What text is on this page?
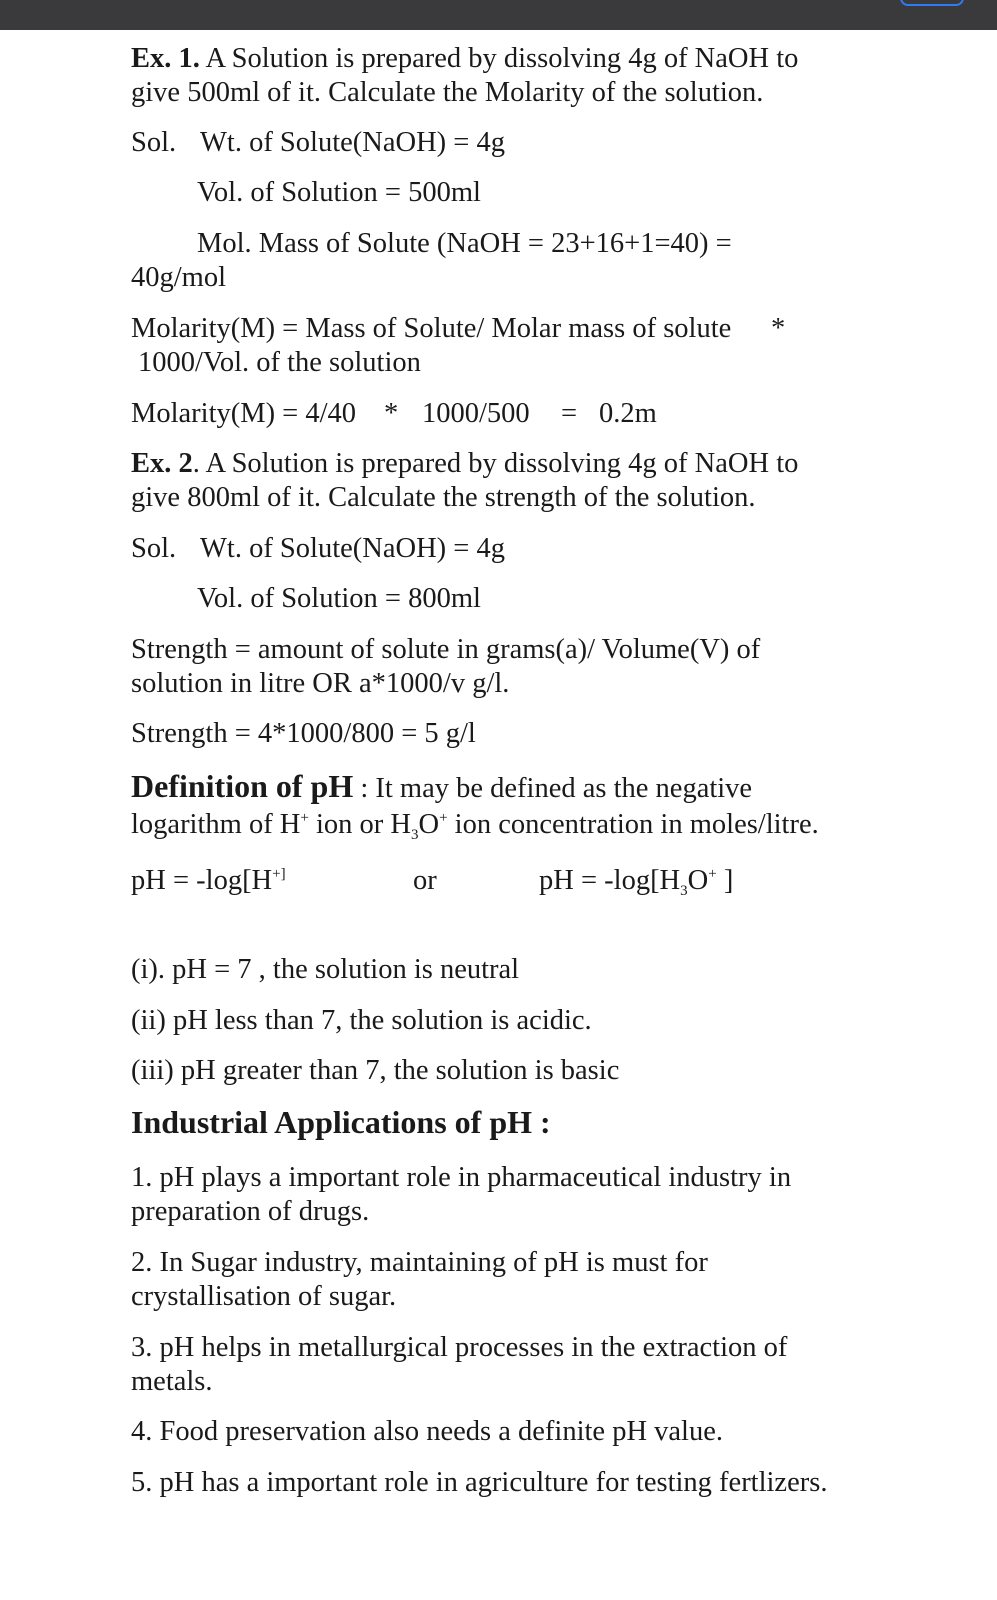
Ex. 1. A Solution is prepared by dissolving 4g of NaOH to
give 500ml of it. Calculate the Molarity of the solution.
Sol. Wt. of Solute(NaOH) = 4g
Vol. of Solution = 500ml
Mol. Mass of Solute (NaOH = 23+16+1=40) =
40g/mol
Molarity(M) = Mass of Solute/ Molar mass of solute *
1000/Vol. of the solution
Molarity(M) = 4/40 * 1000/500 = 0.2m
Ex. 2. A Solution is prepared by dissolving 4g of NaOH to
give 800ml of it. Calculate the strength of the solution.
Sol. Wt. of Solute(NaOH) = 4g
Vol. of Solution = 800ml
Strength = amount of solute in grams(a)/ Volume(V) of
solution in litre OR a*1000/v g/l.
Strength = 4*1000/800 = 5 g/l
Definition of pH : It may be defined as the negative
logarithm of H+ ion or $H_3O^+$ ion concentration in moles/litre.
pH = -log[H+]	or	pH = $-\log[H_3O^+$ ]
(i). pH = 7 , the solution is neutral
(ii) pH less than 7, the solution is acidic.
(iii) pH greater than 7, the solution is basic
Industrial Applications of pH :
1. pH plays a important role in pharmaceutical industry in
preparation of drugs.
2. In Sugar industry, maintaining of pH is must for
crystallisation of sugar.
3. pH helps in metallurgical processes in the extraction of
metals.
4. Food preservation also needs a definite pH value.
5. pH has a important role in agriculture for testing fertlizers.
